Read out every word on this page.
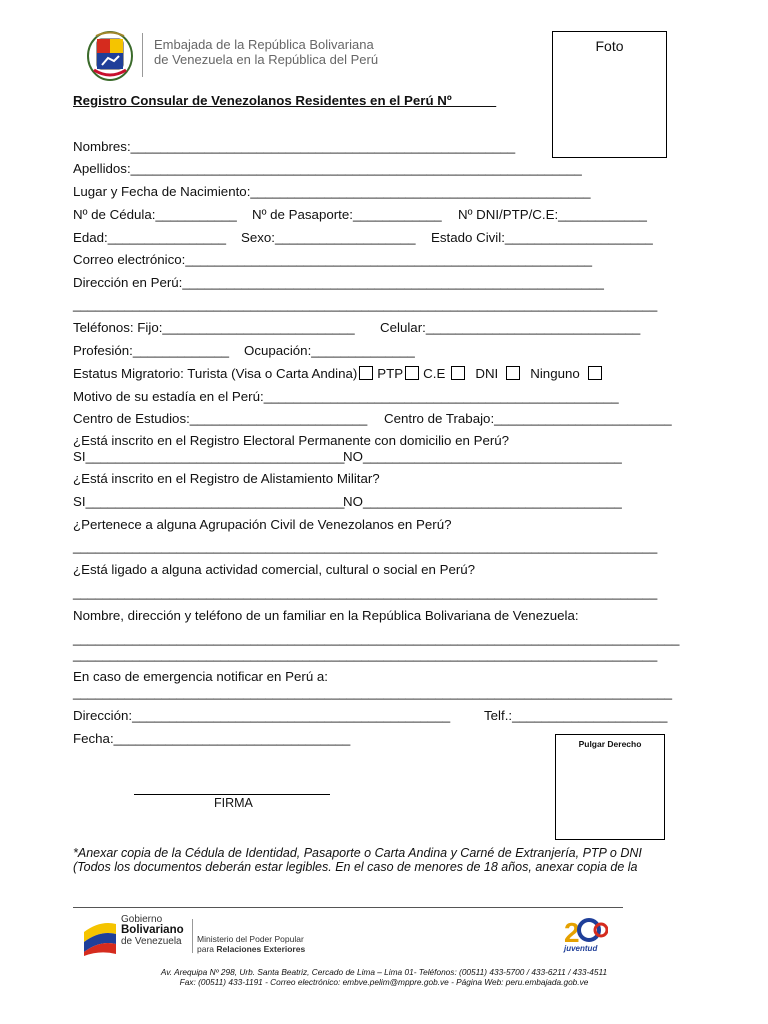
Embajada de la República Bolivariana
de Venezuela en la República del Perú
Foto
Registro Consular de Venezolanos Residentes en el Perú Nº______
Nombres:____________________________________________________
Apellidos:_____________________________________________________________
Lugar y Fecha de Nacimiento:______________________________________________
Nº de Cédula:___________ Nº de Pasaporte:____________ Nº DNI/PTP/C.E:____________
Edad:________________ Sexo:___________________ Estado Civil:____________________
Correo electrónico:_______________________________________________________
Dirección en Perú:_________________________________________________________
_______________________________________________________________________________
Teléfonos: Fijo:__________________________ Celular:_____________________________
Profesión:_____________ Ocupación:______________
Estatus Migratorio: Turista (Visa o Carta Andina) PTP C.E DNI Ninguno
Motivo de su estadía en el Perú:________________________________________________
Centro de Estudios:________________________ Centro de Trabajo:________________________
¿Está inscrito en el Registro Electoral Permanente con domicilio en Perú?
SI___________________________________
NO___________________________________
¿Está inscrito en el Registro de Alistamiento Militar?
SI___________________________________
NO___________________________________
¿Pertenece a alguna Agrupación Civil de Venezolanos en Perú?
_______________________________________________________________________________
¿Está ligado a alguna actividad comercial, cultural o social en Perú?
_______________________________________________________________________________
Nombre, dirección y teléfono de un familiar en la República Bolivariana de Venezuela:
__________________________________________________________________________________
_______________________________________________________________________________
En caso de emergencia notificar en Perú a:
_________________________________________________________________________________
Dirección:___________________________________________	Telf.:_____________________
Fecha:________________________________	Pulgar Derecho
FIRMA
*Anexar copia de la Cédula de Identidad, Pasaporte o Carta Andina y Carné de Extranjería, PTP o DNI
(Todos los documentos deberán estar legibles. En el caso de menores de 18 años, anexar copia de la
Gobierno
Bolivariano
de Venezuela Ministerio del Poder Popular
para Relaciones Exteriores
2
juventud
Av. Arequipa Nº 298, Urb. Santa Beatriz, Cercado de Lima – Lima 01- Teléfonos: (00511) 433-5700 / 433-6211 / 433-4511
Fax: (00511) 433-1191 - Correo electrónico: embve.pelim@mppre.gob.ve - Página Web: peru.embajada.gob.ve
